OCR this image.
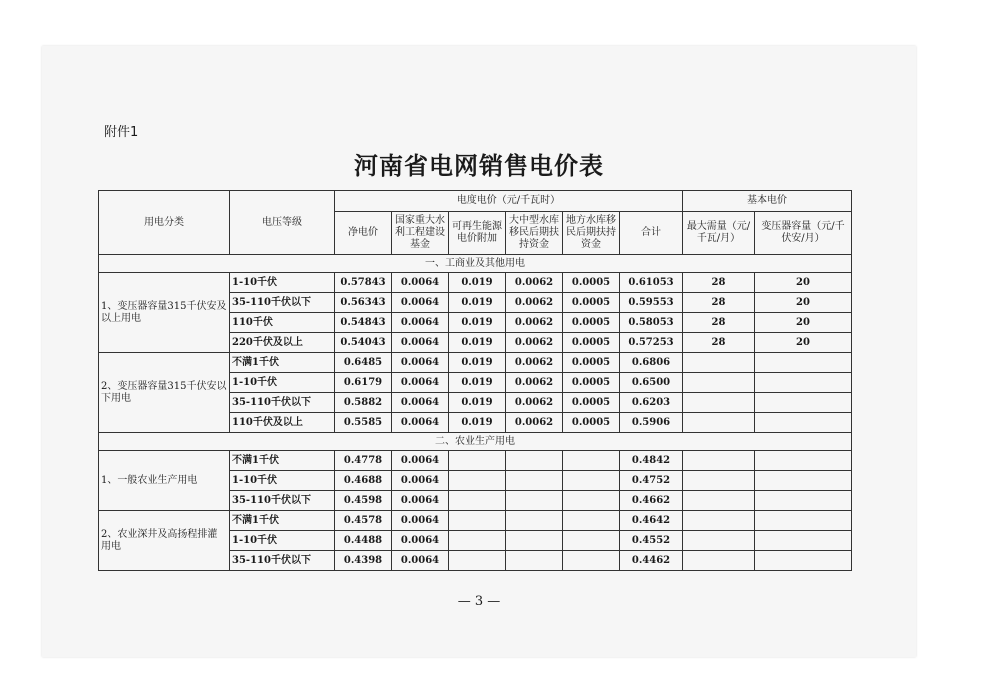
附件1
河南省电网销售电价表
用电分类	电压等级	电度电价（元/千瓦时）						基本电价	
		净电价	国家重大水利工程建设基金	可再生能源电价附加	大中型水库移民后期扶持资金	地方水库移民后期扶持资金	合计	最大需量（元/千瓦/月）	变压器容量（元/千伏安/月）
一、工商业及其他用电									
1、变压器容量315千伏安及以上用电	1-10千伏	0.57843	0.0064	0.019	0.0062	0.0005	0.61053	28	20
	35-110千伏以下	0.56343	0.0064	0.019	0.0062	0.0005	0.59553	28	20
	110千伏	0.54843	0.0064	0.019	0.0062	0.0005	0.58053	28	20
	220千伏及以上	0.54043	0.0064	0.019	0.0062	0.0005	0.57253	28	20
2、变压器容量315千伏安以下用电	不满1千伏	0.6485	0.0064	0.019	0.0062	0.0005	0.6806		
	1-10千伏	0.6179	0.0064	0.019	0.0062	0.0005	0.6500		
	35-110千伏以下	0.5882	0.0064	0.019	0.0062	0.0005	0.6203		
	110千伏及以上	0.5585	0.0064	0.019	0.0062	0.0005	0.5906		
二、农业生产用电									
1、一般农业生产用电	不满1千伏	0.4778	0.0064				0.4842		
	1-10千伏	0.4688	0.0064				0.4752		
	35-110千伏以下	0.4598	0.0064				0.4662		
2、农业深井及高扬程排灌用电	不满1千伏	0.4578	0.0064				0.4642		
	1-10千伏	0.4488	0.0064				0.4552		
	35-110千伏以下	0.4398	0.0064				0.4462		
— 3 —
